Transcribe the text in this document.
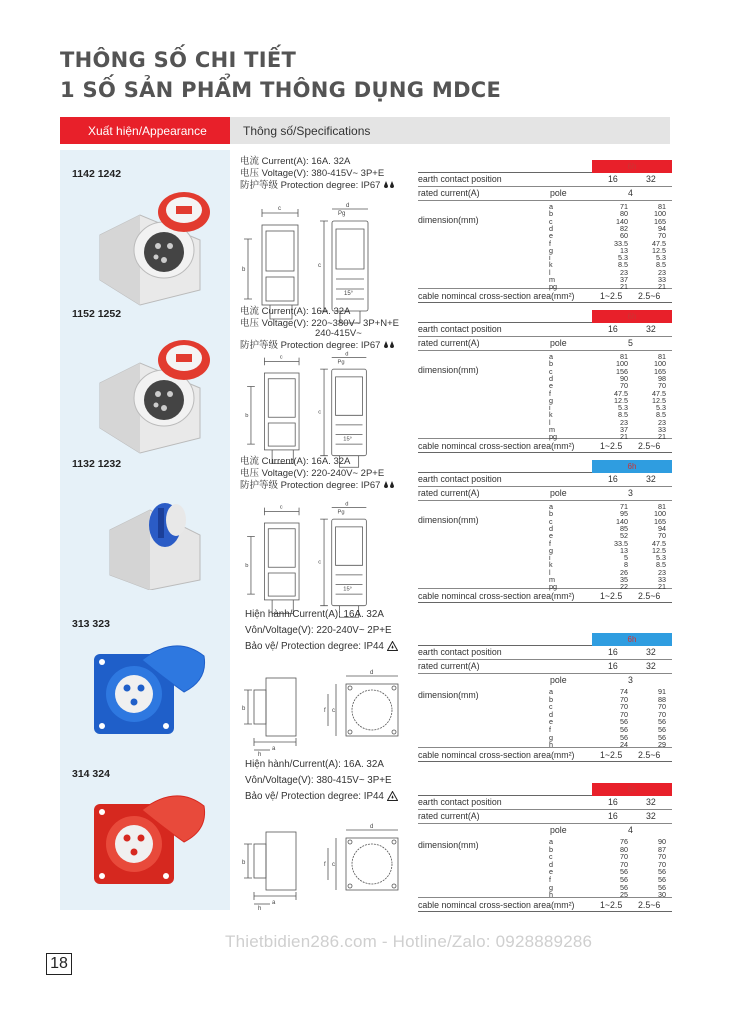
THÔNG SỐ CHI TIẾT
1 SỐ SẢN PHẨM THÔNG DỤNG MDCE
Xuất hiện/Appearance	Thông số/Specifications
1142 1242
电流 Current(A): 16A. 32A
电压 Voltage(V): 380-415V~ 3P+E
防护等级 Protection degree: IP67
c
b
d
Pg
c
15°
6h
earth contact position	16	32
rated current(A)	pole	4
dimension(mm)
a	71	81
b	80	100
c	140	165
d	82	94
e	60	70
f	33.5	47.5
g	13	12.5
i	5.3	5.3
k	8.5	8.5
l	23	23
m	37	33
pg	21	21
cable nomincal cross-section area(mm²)	1~2.5 2.5~6
1152 1252	电流 Current(A): 16A. 32A
电压 Voltage(V): 220~380V~ 3P+N+E
240-415V~
防护等级 Protection degree: IP67
c
b
d
Pg
c
15°
6h
earth contact position	16	32
rated current(A)	pole	5
dimension(mm)
a	81	81
b	100	100
c	156	165
d	90	98
e	70	70
f	47.5	47.5
g	12.5	12.5
i	5.3	5.3
k	8.5	8.5
l	23	23
m	37	33
pg	21	21
cable nomincal cross-section area(mm²)	1~2.5 2.5~6
1132 1232	电流 Current(A): 16A. 32A
电压 Voltage(V): 220-240V~ 2P+E
防护等级 Protection degree: IP67
c
b
d
Pg
c
15°
6h
earth contact position	16	32
rated current(A)	pole	3
dimension(mm)
a	71	81
b	95	100
c	140	165
d	85	94
e	52	70
f	33.5	47.5
g	13	12.5
i	5	5.3
k	8	8.5
l	26	23
m	35	33
pg	22	21
cable nomincal cross-section area(mm²)	1~2.5 2.5~6
313 323
Hiện hành/Current(A): 16A. 32A
Vôn/Voltage(V): 220-240V~ 2P+E
Bảo vệ/ Protection degree: IP44
b
a
h
d
c
f
6h
earth contact position	16	32
rated current(A)	16	32
pole	3
dimension(mm)	a	74	91
b	70	88
c	70	70
d	70	70
e	56	56
f	56	56
g	56	56
h	24	29
cable nomincal cross-section area(mm²)	1~2.5 2.5~6
314 324
Hiện hành/Current(A): 16A. 32A
Vôn/Voltage(V): 380-415V~ 3P+E
Bảo vệ/ Protection degree: IP44
b
a
h
d
c
f
6h
earth contact position	16	32
rated current(A)	16	32
pole	4
dimension(mm)	a	76	90
b	80	87
c	70	70
d	70	70
e	56	56
f	56	56
g	56	56
h	25	30
cable nomincal cross-section area(mm²)	1~2.5 2.5~6
Thietbidien286.com - Hotline/Zalo: 0928889286
18
